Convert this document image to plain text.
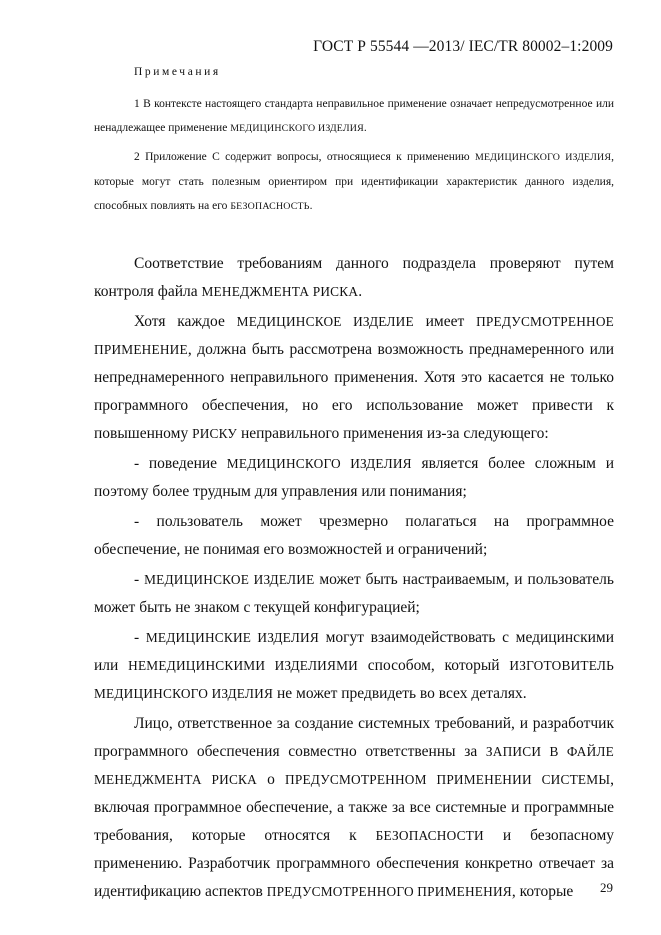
ГОСТ Р 55544 —2013/ IEC/TR 80002–1:2009
Примечания
1 В контексте настоящего стандарта неправильное применение означает непредусмотренное или ненадлежащее применение МЕДИЦИНСКОГО ИЗДЕЛИЯ.
2 Приложение С содержит вопросы, относящиеся к применению МЕДИЦИНСКОГО ИЗДЕЛИЯ, которые могут стать полезным ориентиром при идентификации характеристик данного изделия, способных повлиять на его БЕЗОПАСНОСТЬ.
Соответствие требованиям данного подраздела проверяют путем контроля файла МЕНЕДЖМЕНТА РИСКА.
Хотя каждое МЕДИЦИНСКОЕ ИЗДЕЛИЕ имеет ПРЕДУСМОТРЕННОЕ ПРИМЕНЕНИЕ, должна быть рассмотрена возможность преднамеренного или непреднамеренного неправильного применения. Хотя это касается не только программного обеспечения, но его использование может привести к повышенному РИСКУ неправильного применения из-за следующего:
- поведение МЕДИЦИНСКОГО ИЗДЕЛИЯ является более сложным и поэтому более трудным для управления или понимания;
- пользователь может чрезмерно полагаться на программное обеспечение, не понимая его возможностей и ограничений;
- МЕДИЦИНСКОЕ ИЗДЕЛИЕ может быть настраиваемым, и пользователь может быть не знаком с текущей конфигурацией;
- МЕДИЦИНСКИЕ ИЗДЕЛИЯ могут взаимодействовать с медицинскими или НЕМЕДИЦИНСКИМИ ИЗДЕЛИЯМИ способом, который ИЗГОТОВИТЕЛЬ МЕДИЦИНСКОГО ИЗДЕЛИЯ не может предвидеть во всех деталях.
Лицо, ответственное за создание системных требований, и разработчик программного обеспечения совместно ответственны за ЗАПИСИ В ФАЙЛЕ МЕНЕДЖМЕНТА РИСКА о ПРЕДУСМОТРЕННОМ ПРИМЕНЕНИИ СИСТЕМЫ, включая программное обеспечение, а также за все системные и программные требования, которые относятся к БЕЗОПАСНОСТИ и безопасному применению. Разработчик программного обеспечения конкретно отвечает за идентификацию аспектов ПРЕДУСМОТРЕННОГО ПРИМЕНЕНИЯ, которые	29
